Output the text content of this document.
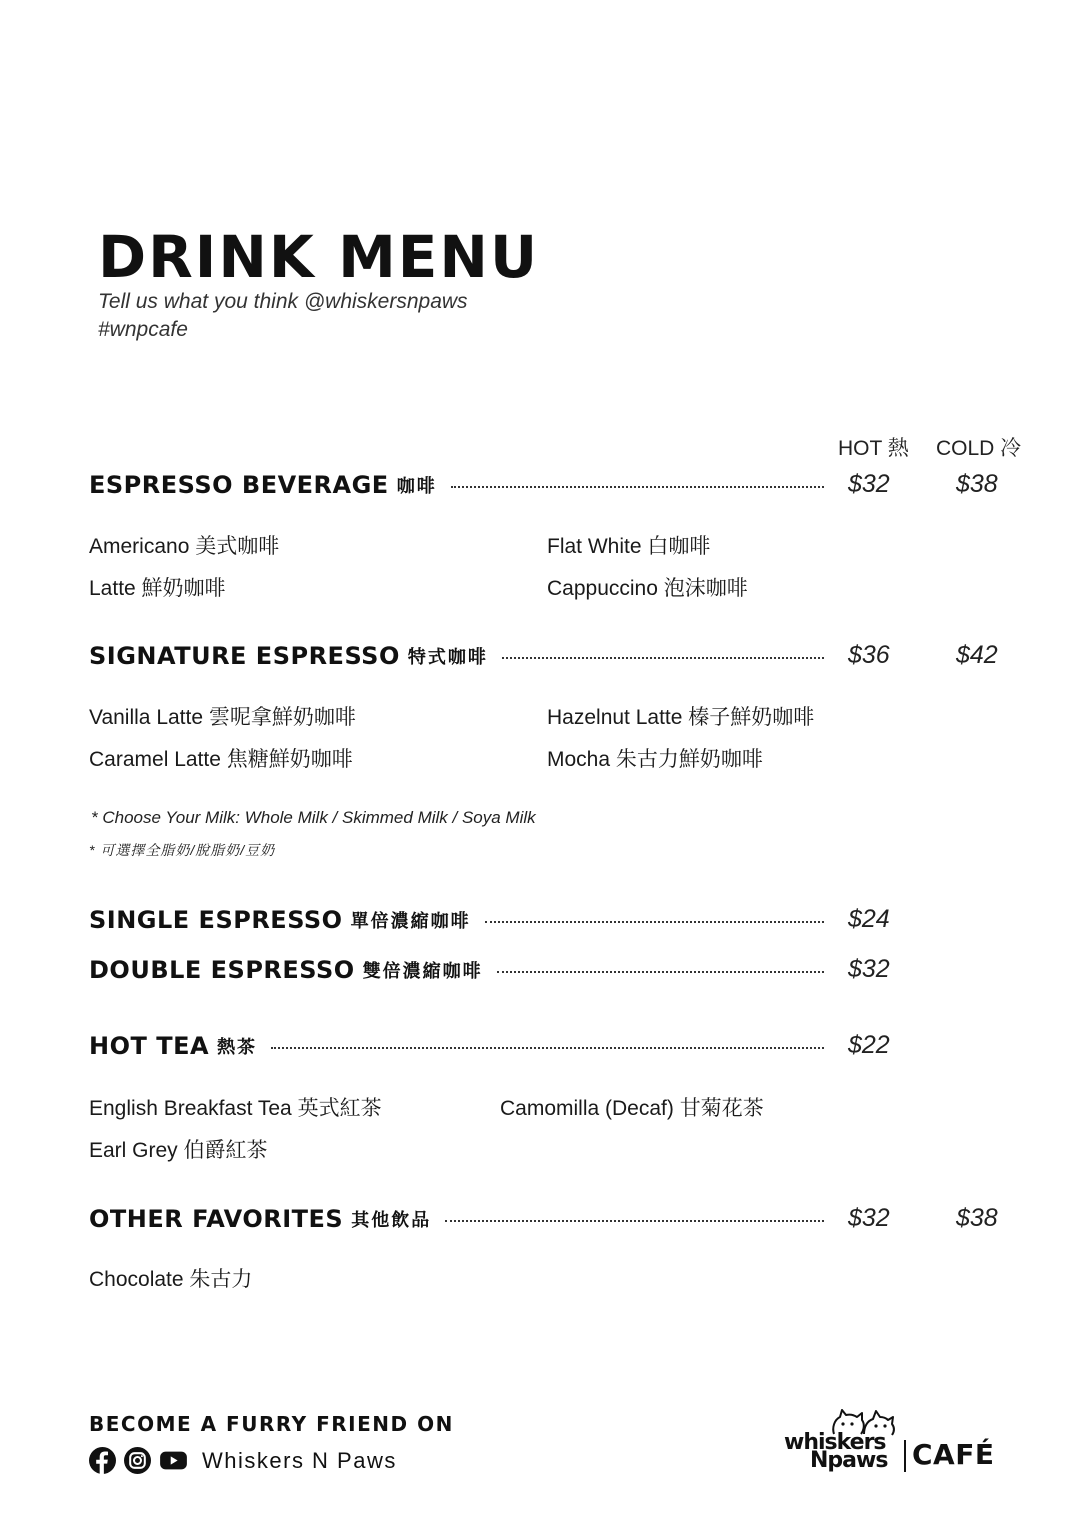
DRINK MENU
Tell us what you think @whiskersnpaws
#wnpcafe
HOT 熱 COLD 冷
ESPRESSO BEVERAGE 咖啡	$32	$38
Americano 美式咖啡	Flat White 白咖啡
Latte 鮮奶咖啡	Cappuccino 泡沫咖啡
SIGNATURE ESPRESSO 特式咖啡	$36	$42
Vanilla Latte 雲呢拿鮮奶咖啡	Hazelnut Latte 榛子鮮奶咖啡
Caramel Latte 焦糖鮮奶咖啡	Mocha 朱古力鮮奶咖啡
* Choose Your Milk: Whole Milk / Skimmed Milk / Soya Milk
* 可選擇全脂奶/脫脂奶/豆奶
SINGLE ESPRESSO 單倍濃縮咖啡	$24
DOUBLE ESPRESSO 雙倍濃縮咖啡	$32
HOT TEA 熱茶	$22
English Breakfast Tea 英式紅茶	Camomilla (Decaf) 甘菊花茶
Earl Grey 伯爵紅茶
OTHER FAVORITES 其他飲品	$32	$38
Chocolate 朱古力
BECOME A FURRY FRIEND ON
Whiskers N Paws
whiskers
Npaws CAFÉ
